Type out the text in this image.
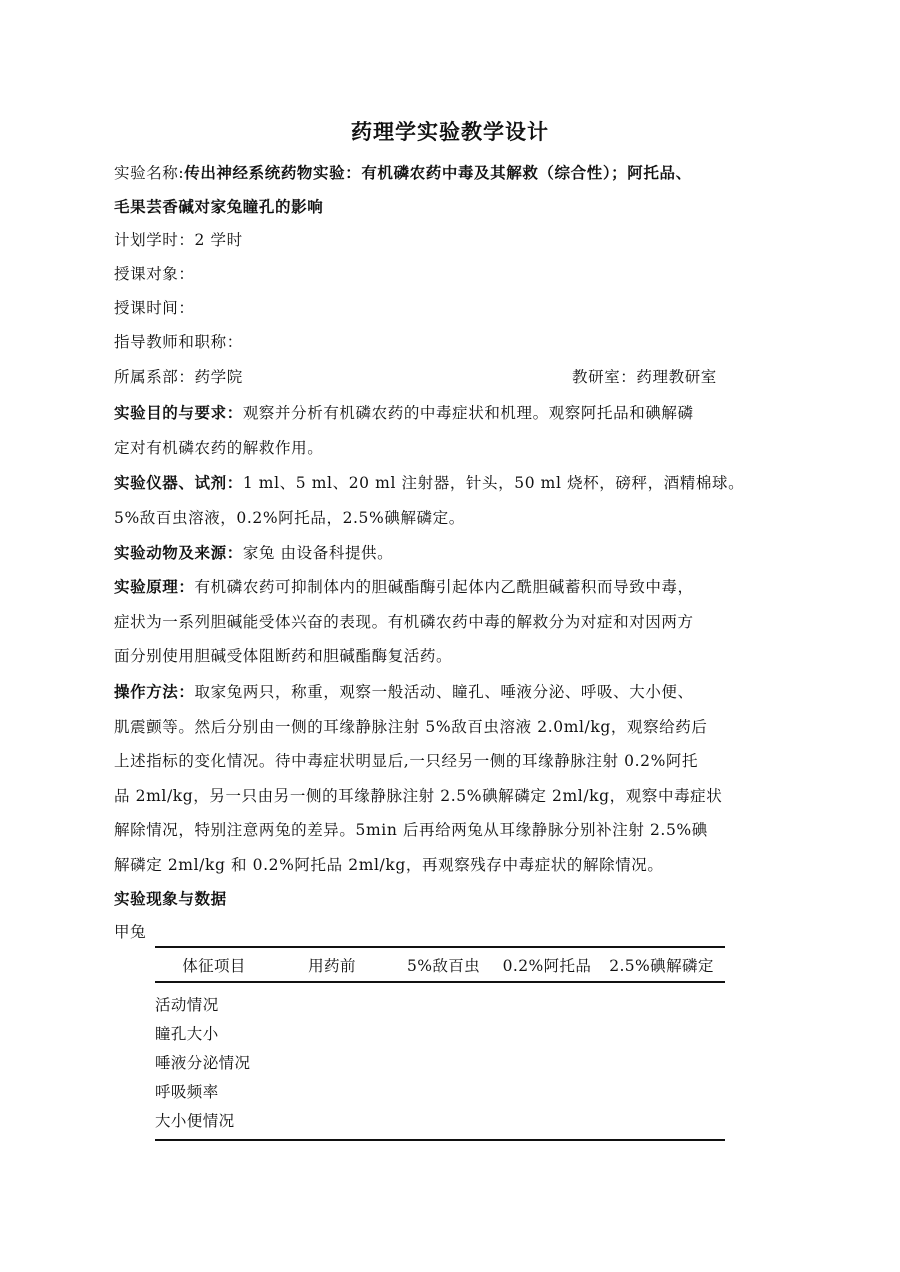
药理学实验教学设计
实验名称:传出神经系统药物实验：有机磷农药中毒及其解救（综合性）；阿托品、
毛果芸香碱对家兔瞳孔的影响
计划学时：2 学时
授课对象：
授课时间：
指导教师和职称：
所属系部：药学院	教研室：药理教研室
实验目的与要求：观察并分析有机磷农药的中毒症状和机理。观察阿托品和碘解磷
定对有机磷农药的解救作用。
实验仪器、试剂：1 ml、5 ml、20 ml 注射器，针头，50 ml 烧杯，磅秤，酒精棉球。
5%敌百虫溶液，0.2%阿托品，2.5%碘解磷定。
实验动物及来源：家兔 由设备科提供。
实验原理：有机磷农药可抑制体内的胆碱酯酶引起体内乙酰胆碱蓄积而导致中毒，
症状为一系列胆碱能受体兴奋的表现。有机磷农药中毒的解救分为对症和对因两方
面分别使用胆碱受体阻断药和胆碱酯酶复活药。
操作方法：取家兔两只，称重，观察一般活动、瞳孔、唾液分泌、呼吸、大小便、
肌震颤等。然后分别由一侧的耳缘静脉注射 5%敌百虫溶液 2.0ml/kg，观察给药后
上述指标的变化情况。待中毒症状明显后,一只经另一侧的耳缘静脉注射 0.2%阿托
品 2ml/kg，另一只由另一侧的耳缘静脉注射 2.5%碘解磷定 2ml/kg，观察中毒症状
解除情况，特别注意两兔的差异。5min 后再给两兔从耳缘静脉分别补注射 2.5%碘
解磷定 2ml/kg 和 0.2%阿托品 2ml/kg，再观察残存中毒症状的解除情况。
实验现象与数据
甲兔
体征项目	用药前	5%敌百虫	0.2%阿托品	2.5%碘解磷定
活动情况				
瞳孔大小				
唾液分泌情况				
呼吸频率				
大小便情况				
